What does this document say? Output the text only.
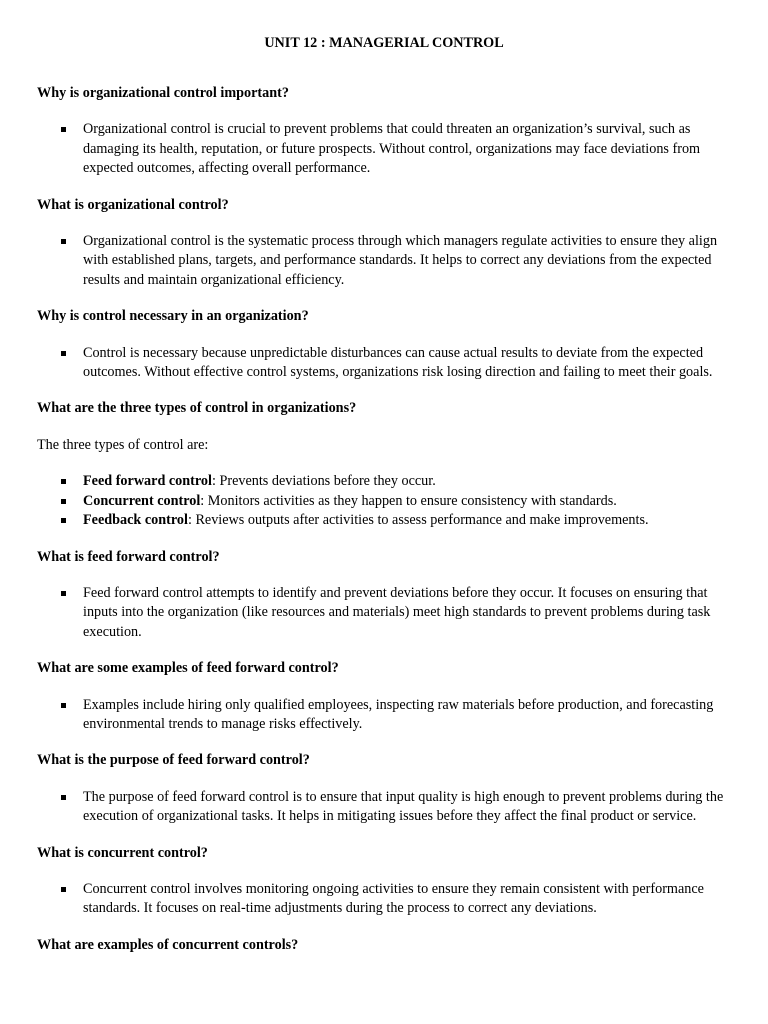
UNIT 12 : MANAGERIAL CONTROL
Why is organizational control important?
Organizational control is crucial to prevent problems that could threaten an organization’s survival, such as damaging its health, reputation, or future prospects. Without control, organizations may face deviations from expected outcomes, affecting overall performance.
What is organizational control?
Organizational control is the systematic process through which managers regulate activities to ensure they align with established plans, targets, and performance standards. It helps to correct any deviations from the expected results and maintain organizational efficiency.
Why is control necessary in an organization?
Control is necessary because unpredictable disturbances can cause actual results to deviate from the expected outcomes. Without effective control systems, organizations risk losing direction and failing to meet their goals.
What are the three types of control in organizations?
The three types of control are:
Feed forward control: Prevents deviations before they occur.
Concurrent control: Monitors activities as they happen to ensure consistency with standards.
Feedback control: Reviews outputs after activities to assess performance and make improvements.
What is feed forward control?
Feed forward control attempts to identify and prevent deviations before they occur. It focuses on ensuring that inputs into the organization (like resources and materials) meet high standards to prevent problems during task execution.
What are some examples of feed forward control?
Examples include hiring only qualified employees, inspecting raw materials before production, and forecasting environmental trends to manage risks effectively.
What is the purpose of feed forward control?
The purpose of feed forward control is to ensure that input quality is high enough to prevent problems during the execution of organizational tasks. It helps in mitigating issues before they affect the final product or service.
What is concurrent control?
Concurrent control involves monitoring ongoing activities to ensure they remain consistent with performance standards. It focuses on real-time adjustments during the process to correct any deviations.
What are examples of concurrent controls?
